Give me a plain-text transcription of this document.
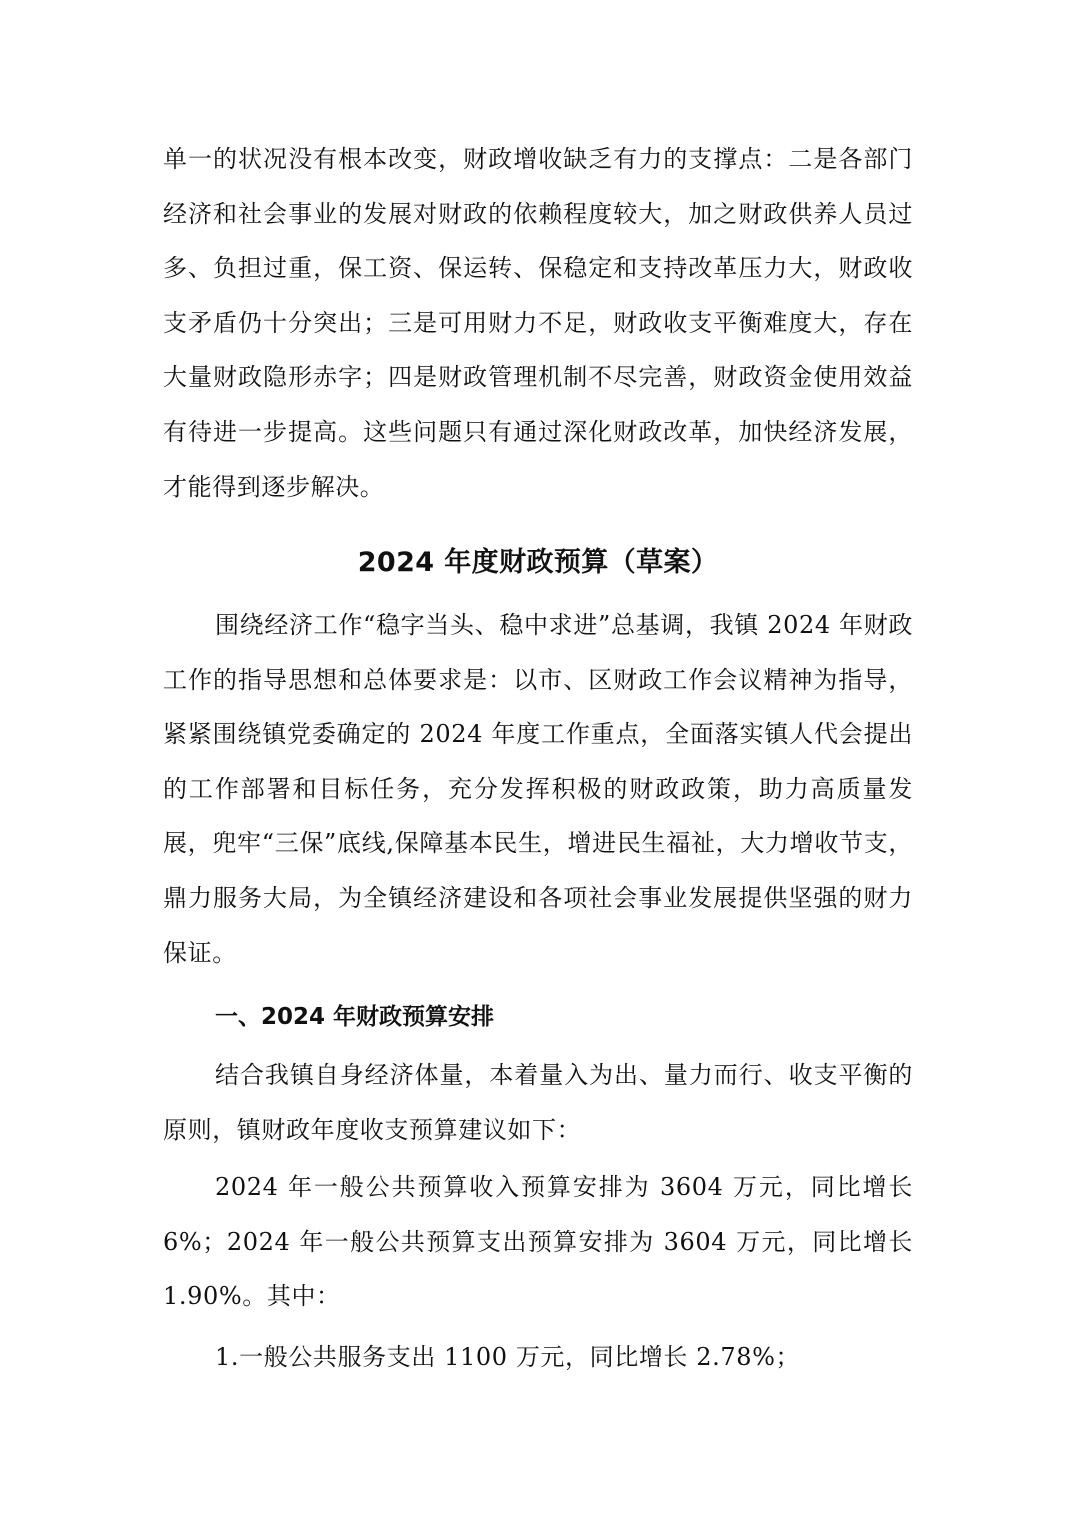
单一的状况没有根本改变，财政增收缺乏有力的支撑点：二是各部门经济和社会事业的发展对财政的依赖程度较大，加之财政供养人员过多、负担过重，保工资、保运转、保稳定和支持改革压力大，财政收支矛盾仍十分突出；三是可用财力不足，财政收支平衡难度大，存在大量财政隐形赤字；四是财政管理机制不尽完善，财政资金使用效益有待进一步提高。这些问题只有通过深化财政改革，加快经济发展，才能得到逐步解决。

2024 年度财政预算（草案）

围绕经济工作“稳字当头、稳中求进”总基调，我镇 2024 年财政工作的指导思想和总体要求是：以市、区财政工作会议精神为指导，紧紧围绕镇党委确定的 2024 年度工作重点，全面落实镇人代会提出的工作部署和目标任务，充分发挥积极的财政政策，助力高质量发展，兜牢“三保”底线,保障基本民生，增进民生福祉，大力增收节支，鼎力服务大局，为全镇经济建设和各项社会事业发展提供坚强的财力保证。

一、2024 年财政预算安排

结合我镇自身经济体量，本着量入为出、量力而行、收支平衡的原则，镇财政年度收支预算建议如下：

2024 年一般公共预算收入预算安排为 3604 万元，同比增长 6%；2024 年一般公共预算支出预算安排为 3604 万元，同比增长 1.90%。其中：

1.一般公共服务支出 1100 万元，同比增长 2.78%；
